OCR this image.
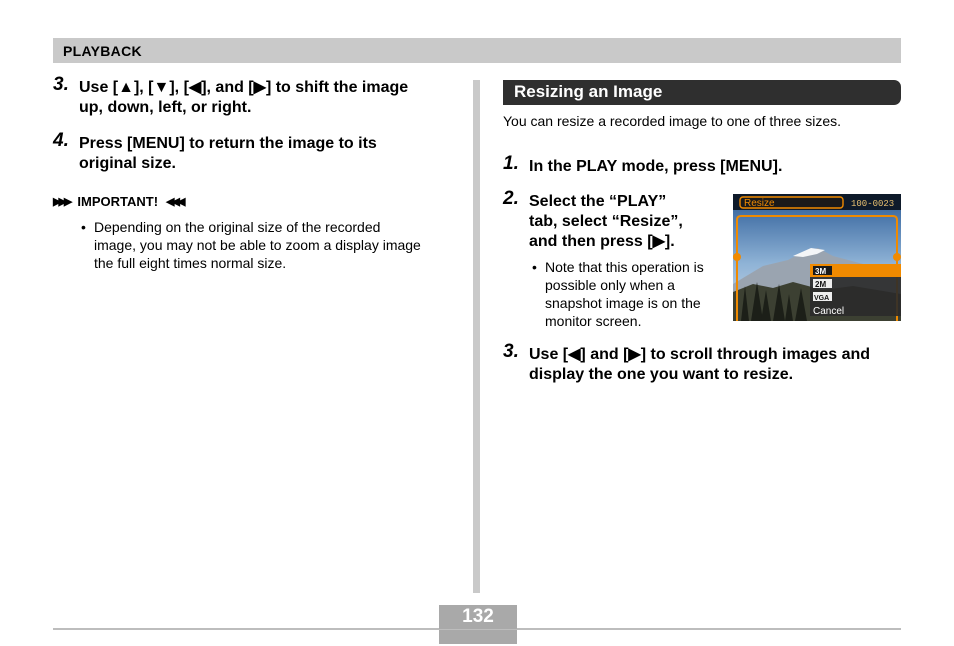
PLAYBACK
3. Use [▲], [▼], [◀], and [▶] to shift the image
up, down, left, or right.
4. Press [MENU] to return the image to its
original size.
▶▶▶ IMPORTANT! ◀◀◀
• Depending on the original size of the recorded
image, you may not be able to zoom a display image
the full eight times normal size.
Resizing an Image
You can resize a recorded image to one of three sizes.
1. In the PLAY mode, press [MENU].
2. Select the “PLAY”
tab, select “Resize”,
and then press [▶].
• Note that this operation is
possible only when a
snapshot image is on the
monitor screen.
Resize	100-0023
3M
2M
VGA
Cancel
3. Use [◀] and [▶] to scroll through images and
display the one you want to resize.
132
